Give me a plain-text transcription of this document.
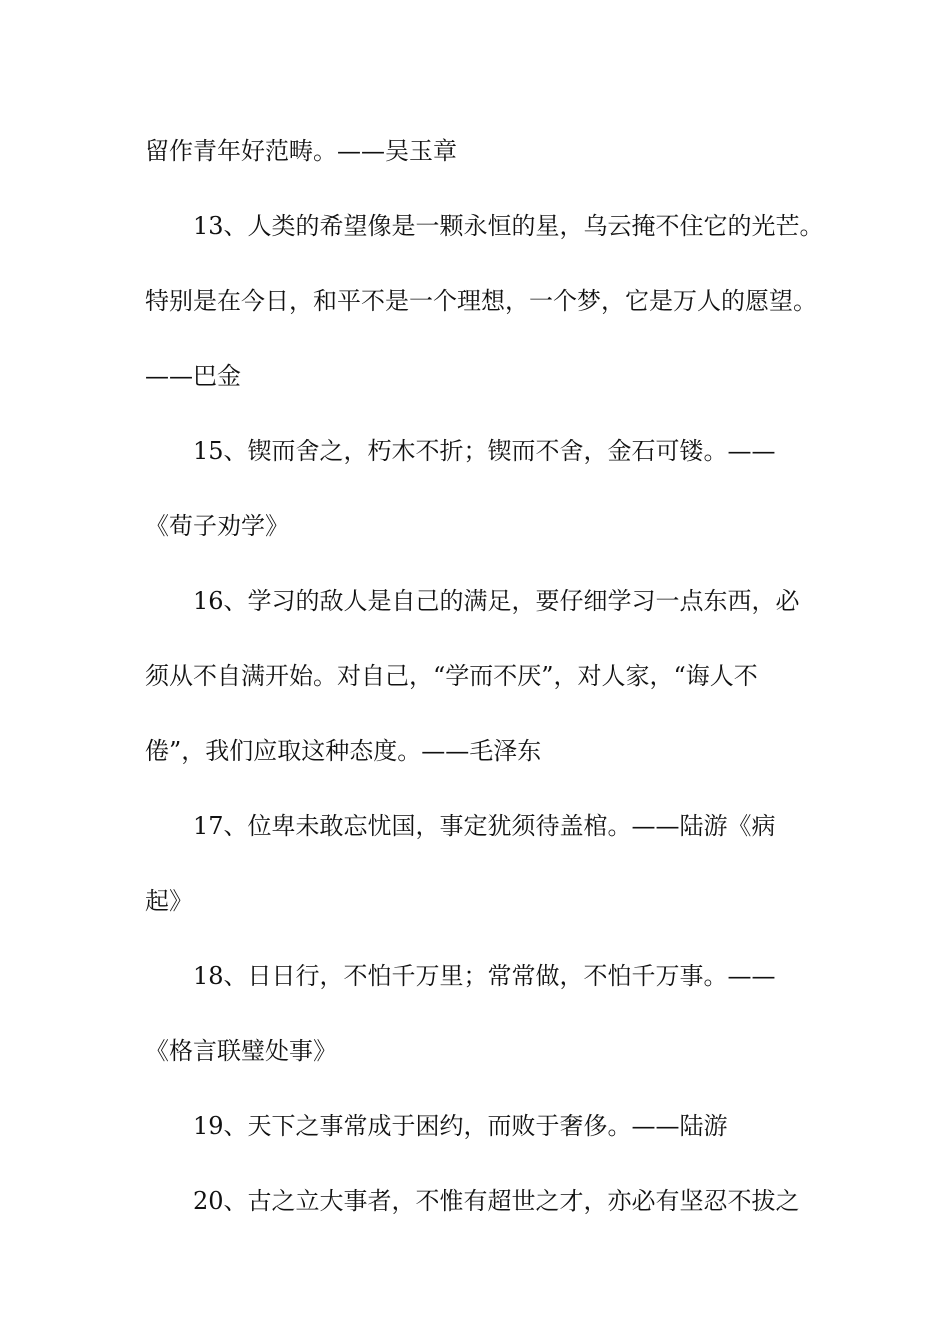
留作青年好范畴。——吴玉章
13、人类的希望像是一颗永恒的星，乌云掩不住它的光芒。
特别是在今日，和平不是一个理想，一个梦，它是万人的愿望。
——巴金
15、锲而舍之，朽木不折；锲而不舍，金石可镂。——
《荀子劝学》
16、学习的敌人是自己的满足，要仔细学习一点东西，必
须从不自满开始。对自己，“学而不厌”，对人家，“诲人不
倦”，我们应取这种态度。——毛泽东
17、位卑未敢忘忧国，事定犹须待盖棺。——陆游《病
起》
18、日日行，不怕千万里；常常做，不怕千万事。——
《格言联璧处事》
19、天下之事常成于困约，而败于奢侈。——陆游
20、古之立大事者，不惟有超世之才，亦必有坚忍不拔之
